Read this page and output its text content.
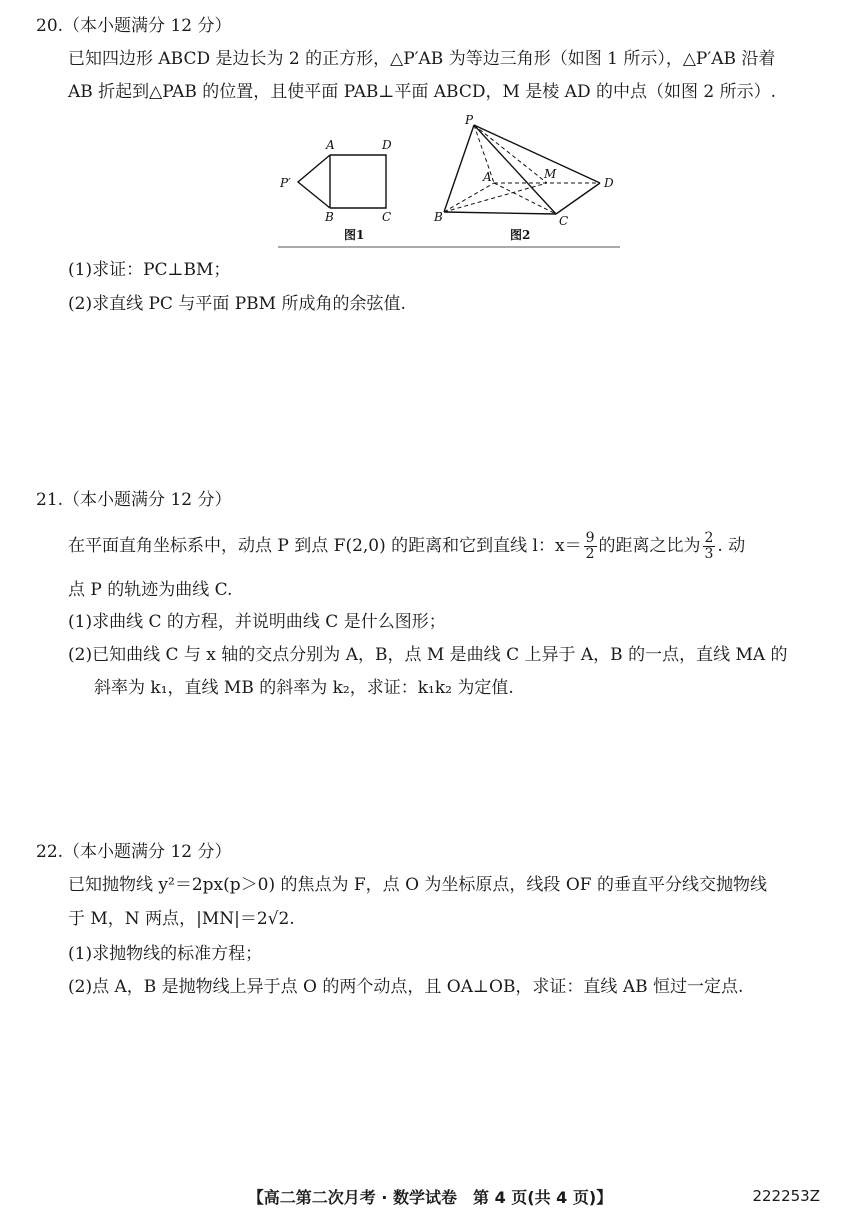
20.（本小题满分 12 分）
已知四边形 ABCD 是边长为 2 的正方形，△P′AB 为等边三角形（如图 1 所示），△P′AB 沿着
AB 折起到△PAB 的位置，且使平面 PAB⊥平面 ABCD，M 是棱 AD 的中点（如图 2 所示）.
A	D
P′
B	C
图1
P
A	M
D
B	C
图2
(1)求证：PC⊥BM；
(2)求直线 PC 与平面 PBM 所成角的余弦值.
21.（本小题满分 12 分）
在平面直角坐标系中，动点 P 到点 F(2,0) 的距离和它到直线 l：$x= \frac{9}{2}$ 的距离之比为 $\frac{2}{3}$ . 动
点 P 的轨迹为曲线 C.
(1)求曲线 C 的方程，并说明曲线 C 是什么图形；
(2)已知曲线 C 与 x 轴的交点分别为 A，B，点 M 是曲线 C 上异于 A，B 的一点，直线 MA 的
斜率为 k₁，直线 MB 的斜率为 k₂，求证：k₁k₂ 为定值.
22.（本小题满分 12 分）
已知抛物线 y²＝2px(p＞0) 的焦点为 F，点 O 为坐标原点，线段 OF 的垂直平分线交抛物线
于 M，N 两点，|MN|＝2√2.
(1)求抛物线的标准方程；
(2)点 A，B 是抛物线上异于点 O 的两个动点，且 OA⊥OB，求证：直线 AB 恒过一定点.
【高二第二次月考 · 数学试卷　第 4 页(共 4 页)】	222253Z
